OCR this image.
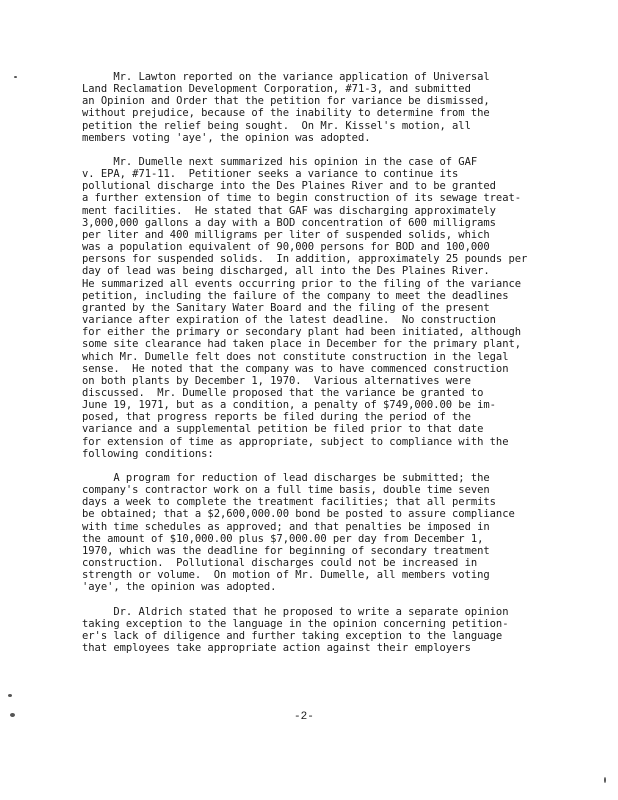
Mr. Lawton reported on the variance application of Universal
Land Reclamation Development Corporation, #71-3, and submitted
an Opinion and Order that the petition for variance be dismissed,
without prejudice, because of the inability to determine from the
petition the relief being sought.  On Mr. Kissel's motion, all
members voting 'aye', the opinion was adopted.
Mr. Dumelle next summarized his opinion in the case of GAF
v. EPA, #71-11.  Petitioner seeks a variance to continue its
pollutional discharge into the Des Plaines River and to be granted
a further extension of time to begin construction of its sewage treat-
ment facilities.  He stated that GAF was discharging approximately
3,000,000 gallons a day with a BOD concentration of 600 milligrams
per liter and 400 milligrams per liter of suspended solids, which
was a population equivalent of 90,000 persons for BOD and 100,000
persons for suspended solids.  In addition, approximately 25 pounds per
day of lead was being discharged, all into the Des Plaines River.
He summarized all events occurring prior to the filing of the variance
petition, including the failure of the company to meet the deadlines
granted by the Sanitary Water Board and the filing of the present
variance after expiration of the latest deadline.  No construction
for either the primary or secondary plant had been initiated, although
some site clearance had taken place in December for the primary plant,
which Mr. Dumelle felt does not constitute construction in the legal
sense.  He noted that the company was to have commenced construction
on both plants by December 1, 1970.  Various alternatives were
discussed.  Mr. Dumelle proposed that the variance be granted to
June 19, 1971, but as a condition, a penalty of $749,000.00 be im-
posed, that progress reports be filed during the period of the
variance and a supplemental petition be filed prior to that date
for extension of time as appropriate, subject to compliance with the
following conditions:
A program for reduction of lead discharges be submitted; the
company's contractor work on a full time basis, double time seven
days a week to complete the treatment facilities; that all permits
be obtained; that a $2,600,000.00 bond be posted to assure compliance
with time schedules as approved; and that penalties be imposed in
the amount of $10,000.00 plus $7,000.00 per day from December 1,
1970, which was the deadline for beginning of secondary treatment
construction.  Pollutional discharges could not be increased in
strength or volume.  On motion of Mr. Dumelle, all members voting
'aye', the opinion was adopted.
Dr. Aldrich stated that he proposed to write a separate opinion
taking exception to the language in the opinion concerning petition-
er's lack of diligence and further taking exception to the language
that employees take appropriate action against their employers
-2-
